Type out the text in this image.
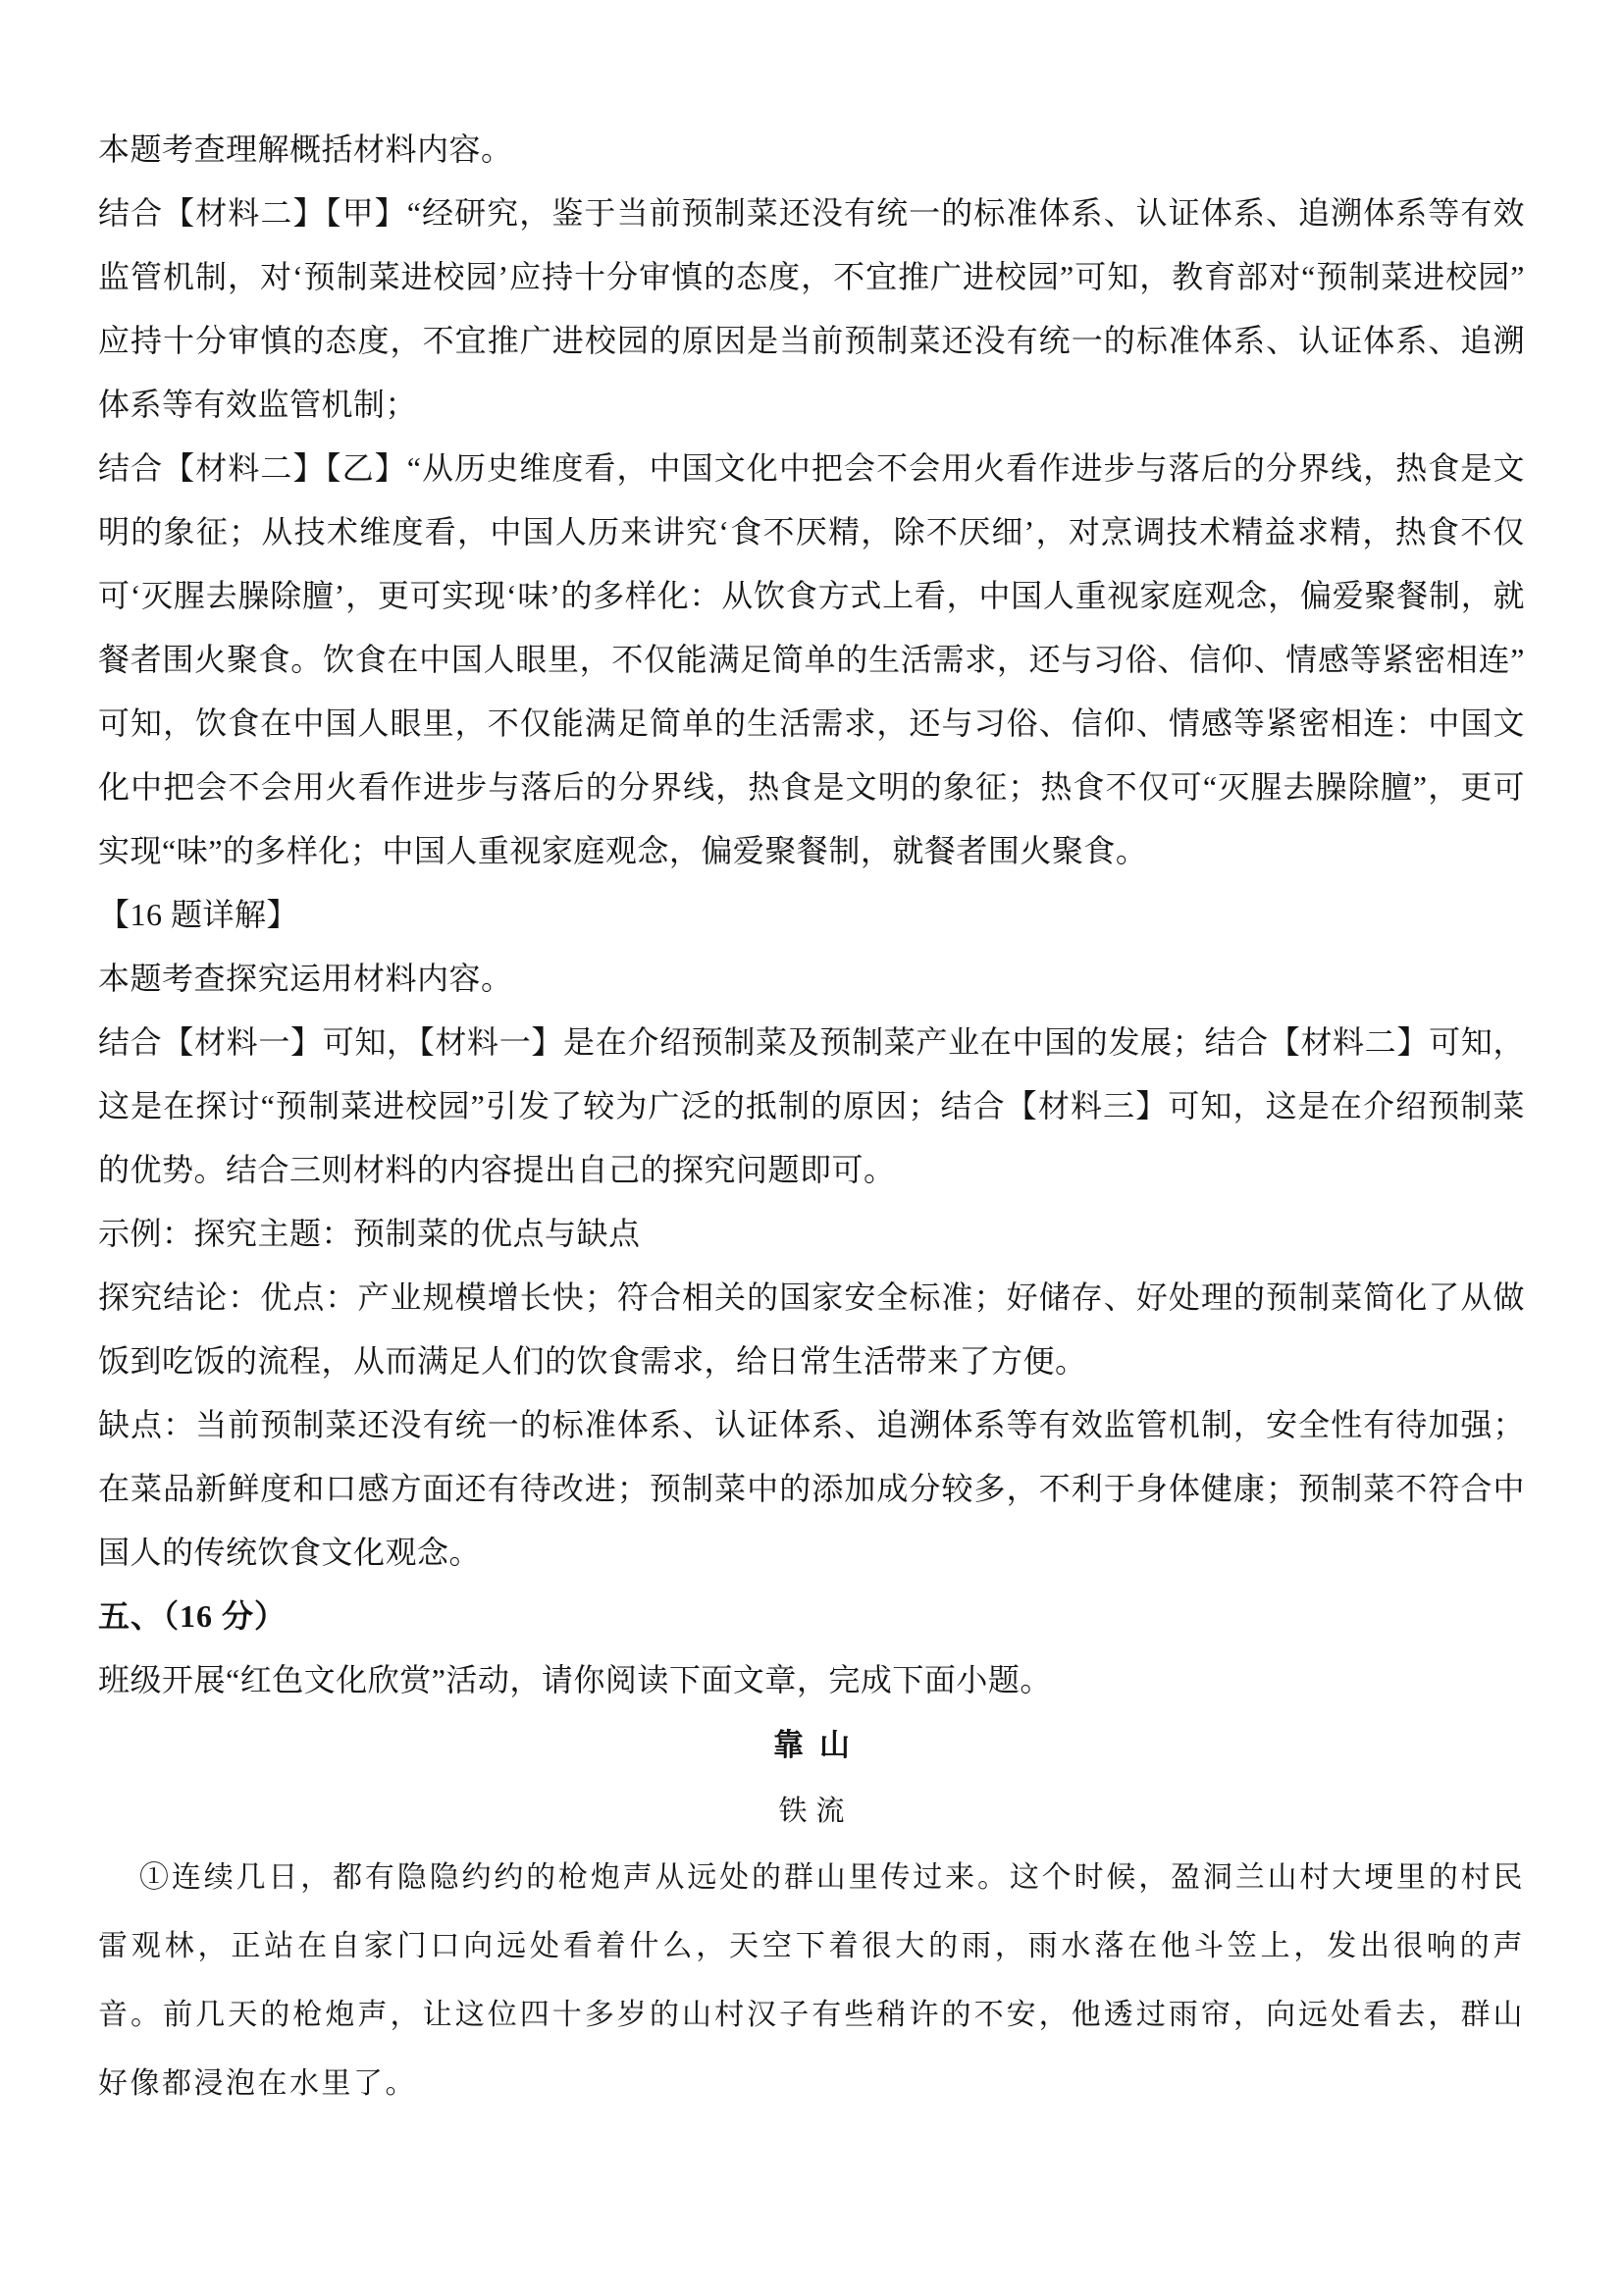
本题考查理解概括材料内容。

结合【材料二】【甲】“经研究，鉴于当前预制菜还没有统一的标准体系、认证体系、追溯体系等有效监管机制，对‘预制菜进校园’应持十分审慎的态度，不宜推广进校园”可知，教育部对“预制菜进校园”应持十分审慎的态度，不宜推广进校园的原因是当前预制菜还没有统一的标准体系、认证体系、追溯体系等有效监管机制；

结合【材料二】【乙】“从历史维度看，中国文化中把会不会用火看作进步与落后的分界线，热食是文明的象征；从技术维度看，中国人历来讲究‘食不厌精，除不厌细’，对烹调技术精益求精，热食不仅可‘灭腥去臊除膻’，更可实现‘味’的多样化：从饮食方式上看，中国人重视家庭观念，偏爱聚餐制，就餐者围火聚食。饮食在中国人眼里，不仅能满足简单的生活需求，还与习俗、信仰、情感等紧密相连”可知，饮食在中国人眼里，不仅能满足简单的生活需求，还与习俗、信仰、情感等紧密相连：中国文化中把会不会用火看作进步与落后的分界线，热食是文明的象征；热食不仅可“灭腥去臊除膻”，更可实现“味”的多样化；中国人重视家庭观念，偏爱聚餐制，就餐者围火聚食。

【16 题详解】

本题考查探究运用材料内容。

结合【材料一】可知，【材料一】是在介绍预制菜及预制菜产业在中国的发展；结合【材料二】可知，这是在探讨“预制菜进校园”引发了较为广泛的抵制的原因；结合【材料三】可知，这是在介绍预制菜的优势。结合三则材料的内容提出自己的探究问题即可。

示例：探究主题：预制菜的优点与缺点

探究结论：优点：产业规模增长快；符合相关的国家安全标准；好储存、好处理的预制菜简化了从做饭到吃饭的流程，从而满足人们的饮食需求，给日常生活带来了方便。

缺点：当前预制菜还没有统一的标准体系、认证体系、追溯体系等有效监管机制，安全性有待加强；在菜品新鲜度和口感方面还有待改进；预制菜中的添加成分较多，不利于身体健康；预制菜不符合中国人的传统饮食文化观念。

五、（16 分）

班级开展“红色文化欣赏”活动，请你阅读下面文章，完成下面小题。

靠山

铁流

①连续几日，都有隐隐约约的枪炮声从远处的群山里传过来。这个时候，盈洞兰山村大埂里的村民雷观林，正站在自家门口向远处看着什么，天空下着很大的雨，雨水落在他斗笠上，发出很响的声音。前几天的枪炮声，让这位四十多岁的山村汉子有些稍许的不安，他透过雨帘，向远处看去，群山好像都浸泡在水里了。
